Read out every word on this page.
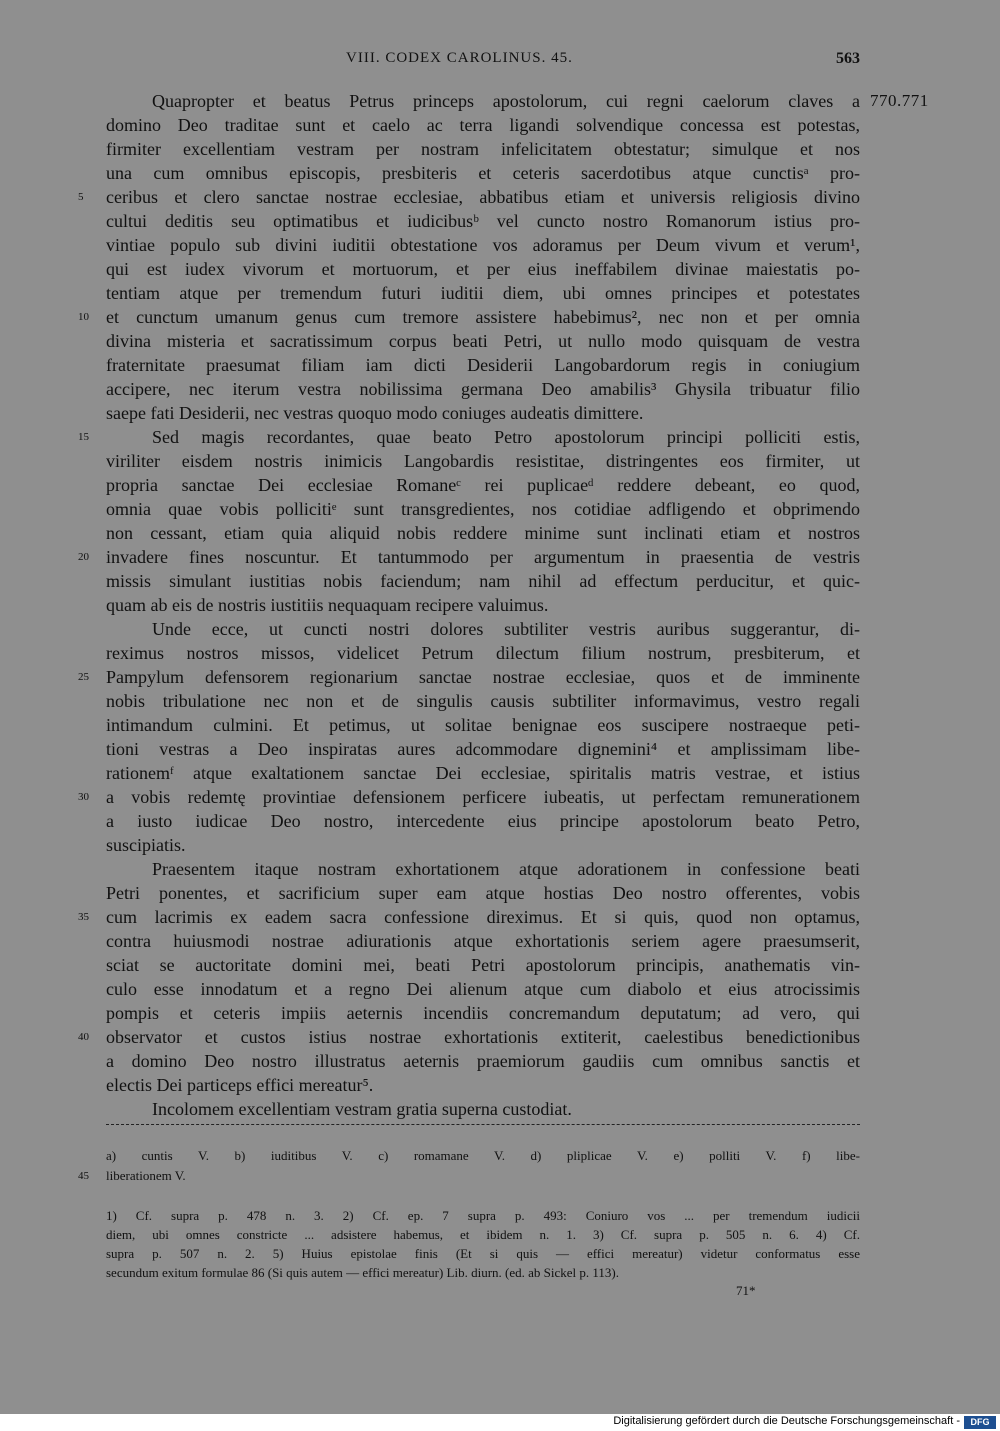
VIII. CODEX CAROLINUS. 45.	563
770.771
Quapropter et beatus Petrus princeps apostolorum, cui regni caelorum claves a
domino Deo traditae sunt et caelo ac terra ligandi solvendique concessa est potestas,
firmiter excellentiam vestram per nostram infelicitatem obtestatur; simulque et nos
una cum omnibus episcopis, presbiteris et ceteris sacerdotibus atque cunctisᵃ pro-
ceribus et clero sanctae nostrae ecclesiae, abbatibus etiam et universis religiosis divino
cultui deditis seu optimatibus et iudicibusᵇ vel cuncto nostro Romanorum istius pro-
vintiae populo sub divini iuditii obtestatione vos adoramus per Deum vivum et verum¹,
qui est iudex vivorum et mortuorum, et per eius ineffabilem divinae maiestatis po-
tentiam atque per tremendum futuri iuditii diem, ubi omnes principes et potestates
et cunctum umanum genus cum tremore assistere habebimus², nec non et per omnia
divina misteria et sacratissimum corpus beati Petri, ut nullo modo quisquam de vestra
fraternitate praesumat filiam iam dicti Desiderii Langobardorum regis in coniugium
accipere, nec iterum vestra nobilissima germana Deo amabilis³ Ghysila tribuatur filio
saepe fati Desiderii, nec vestras quoquo modo coniuges audeatis dimittere.
Sed magis recordantes, quae beato Petro apostolorum principi polliciti estis,
viriliter eisdem nostris inimicis Langobardis resistitae, distringentes eos firmiter, ut
propria sanctae Dei ecclesiae Romaneᶜ rei puplicaeᵈ reddere debeant, eo quod,
omnia quae vobis pollicitiᵉ sunt transgredientes, nos cotidiae adfligendo et obprimendo
non cessant, etiam quia aliquid nobis reddere minime sunt inclinati etiam et nostros
invadere fines noscuntur. Et tantummodo per argumentum in praesentia de vestris
missis simulant iustitias nobis faciendum; nam nihil ad effectum perducitur, et quic-
quam ab eis de nostris iustitiis nequaquam recipere valuimus.
Unde ecce, ut cuncti nostri dolores subtiliter vestris auribus suggerantur, di-
reximus nostros missos, videlicet Petrum dilectum filium nostrum, presbiterum, et
Pampylum defensorem regionarium sanctae nostrae ecclesiae, quos et de imminente
nobis tribulatione nec non et de singulis causis subtiliter informavimus, vestro regali
intimandum culmini. Et petimus, ut solitae benignae eos suscipere nostraeque peti-
tioni vestras a Deo inspiratas aures adcommodare dignemini⁴ et amplissimam libe-
rationemᶠ atque exaltationem sanctae Dei ecclesiae, spiritalis matris vestrae, et istius
a vobis redemtę provintiae defensionem perficere iubeatis, ut perfectam remunerationem
a iusto iudicae Deo nostro, intercedente eius principe apostolorum beato Petro,
suscipiatis.
Praesentem itaque nostram exhortationem atque adorationem in confessione beati
Petri ponentes, et sacrificium super eam atque hostias Deo nostro offerentes, vobis
cum lacrimis ex eadem sacra confessione direximus. Et si quis, quod non optamus,
contra huiusmodi nostrae adiurationis atque exhortationis seriem agere praesumserit,
sciat se auctoritate domini mei, beati Petri apostolorum principis, anathematis vin-
culo esse innodatum et a regno Dei alienum atque cum diabolo et eius atrocissimis
pompis et ceteris impiis aeternis incendiis concremandum deputatum; ad vero, qui
observator et custos istius nostrae exhortationis extiterit, caelestibus benedictionibus
a domino Deo nostro illustratus aeternis praemiorum gaudiis cum omnibus sanctis et
electis Dei particeps effici mereatur⁵.
Incolomem excellentiam vestram gratia superna custodiat.
5
10
15
20
25
30
35
40
a) cuntis V. b) iuditibus V. c) romamane V. d) pliplicae V. e) polliti V. f) libe-
liberationem V.
45
1) Cf. supra p. 478 n. 3. 2) Cf. ep. 7 supra p. 493: Coniuro vos ... per tremendum iudicii
diem, ubi omnes constricte ... adsistere habemus, et ibidem n. 1. 3) Cf. supra p. 505 n. 6. 4) Cf.
supra p. 507 n. 2. 5) Huius epistolae finis (Et si quis — effici mereatur) videtur conformatus esse
secundum exitum formulae 86 (Si quis autem — effici mereatur) Lib. diurn. (ed. ab Sickel p. 113).
71*
Digitalisierung gefördert durch die Deutsche Forschungsgemeinschaft -	DFG
